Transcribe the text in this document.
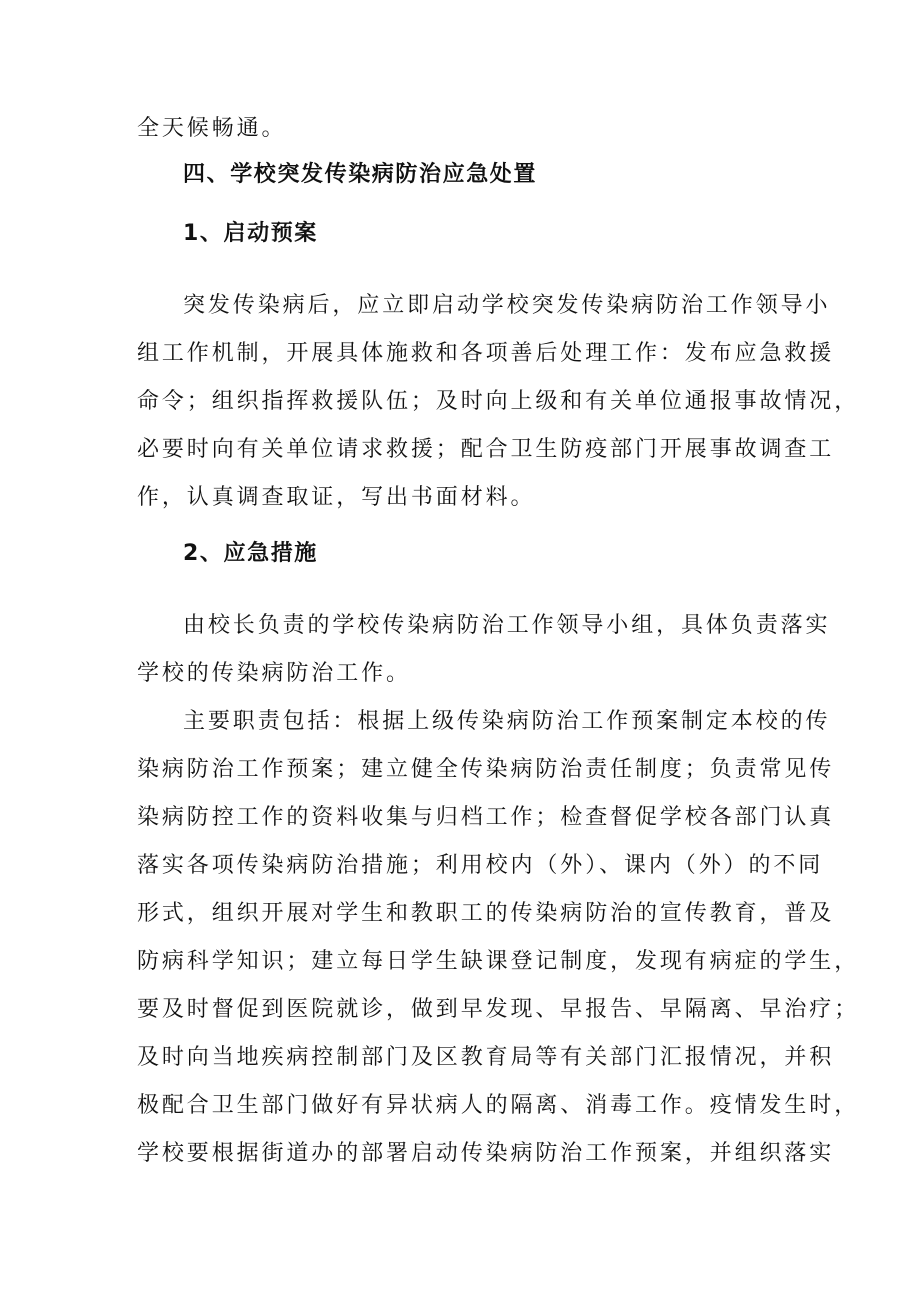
全天候畅通。
四、学校突发传染病防治应急处置
1、启动预案
突发传染病后，应立即启动学校突发传染病防治工作领导小
组工作机制，开展具体施救和各项善后处理工作：发布应急救援
命令；组织指挥救援队伍；及时向上级和有关单位通报事故情况，
必要时向有关单位请求救援；配合卫生防疫部门开展事故调查工
作，认真调查取证，写出书面材料。
2、应急措施
由校长负责的学校传染病防治工作领导小组，具体负责落实
学校的传染病防治工作。
主要职责包括：根据上级传染病防治工作预案制定本校的传
染病防治工作预案；建立健全传染病防治责任制度；负责常见传
染病防控工作的资料收集与归档工作；检查督促学校各部门认真
落实各项传染病防治措施；利用校内（外）、课内（外）的不同
形式，组织开展对学生和教职工的传染病防治的宣传教育，普及
防病科学知识；建立每日学生缺课登记制度，发现有病症的学生，
要及时督促到医院就诊，做到早发现、早报告、早隔离、早治疗；
及时向当地疾病控制部门及区教育局等有关部门汇报情况，并积
极配合卫生部门做好有异状病人的隔离、消毒工作。疫情发生时，
学校要根据街道办的部署启动传染病防治工作预案，并组织落实
